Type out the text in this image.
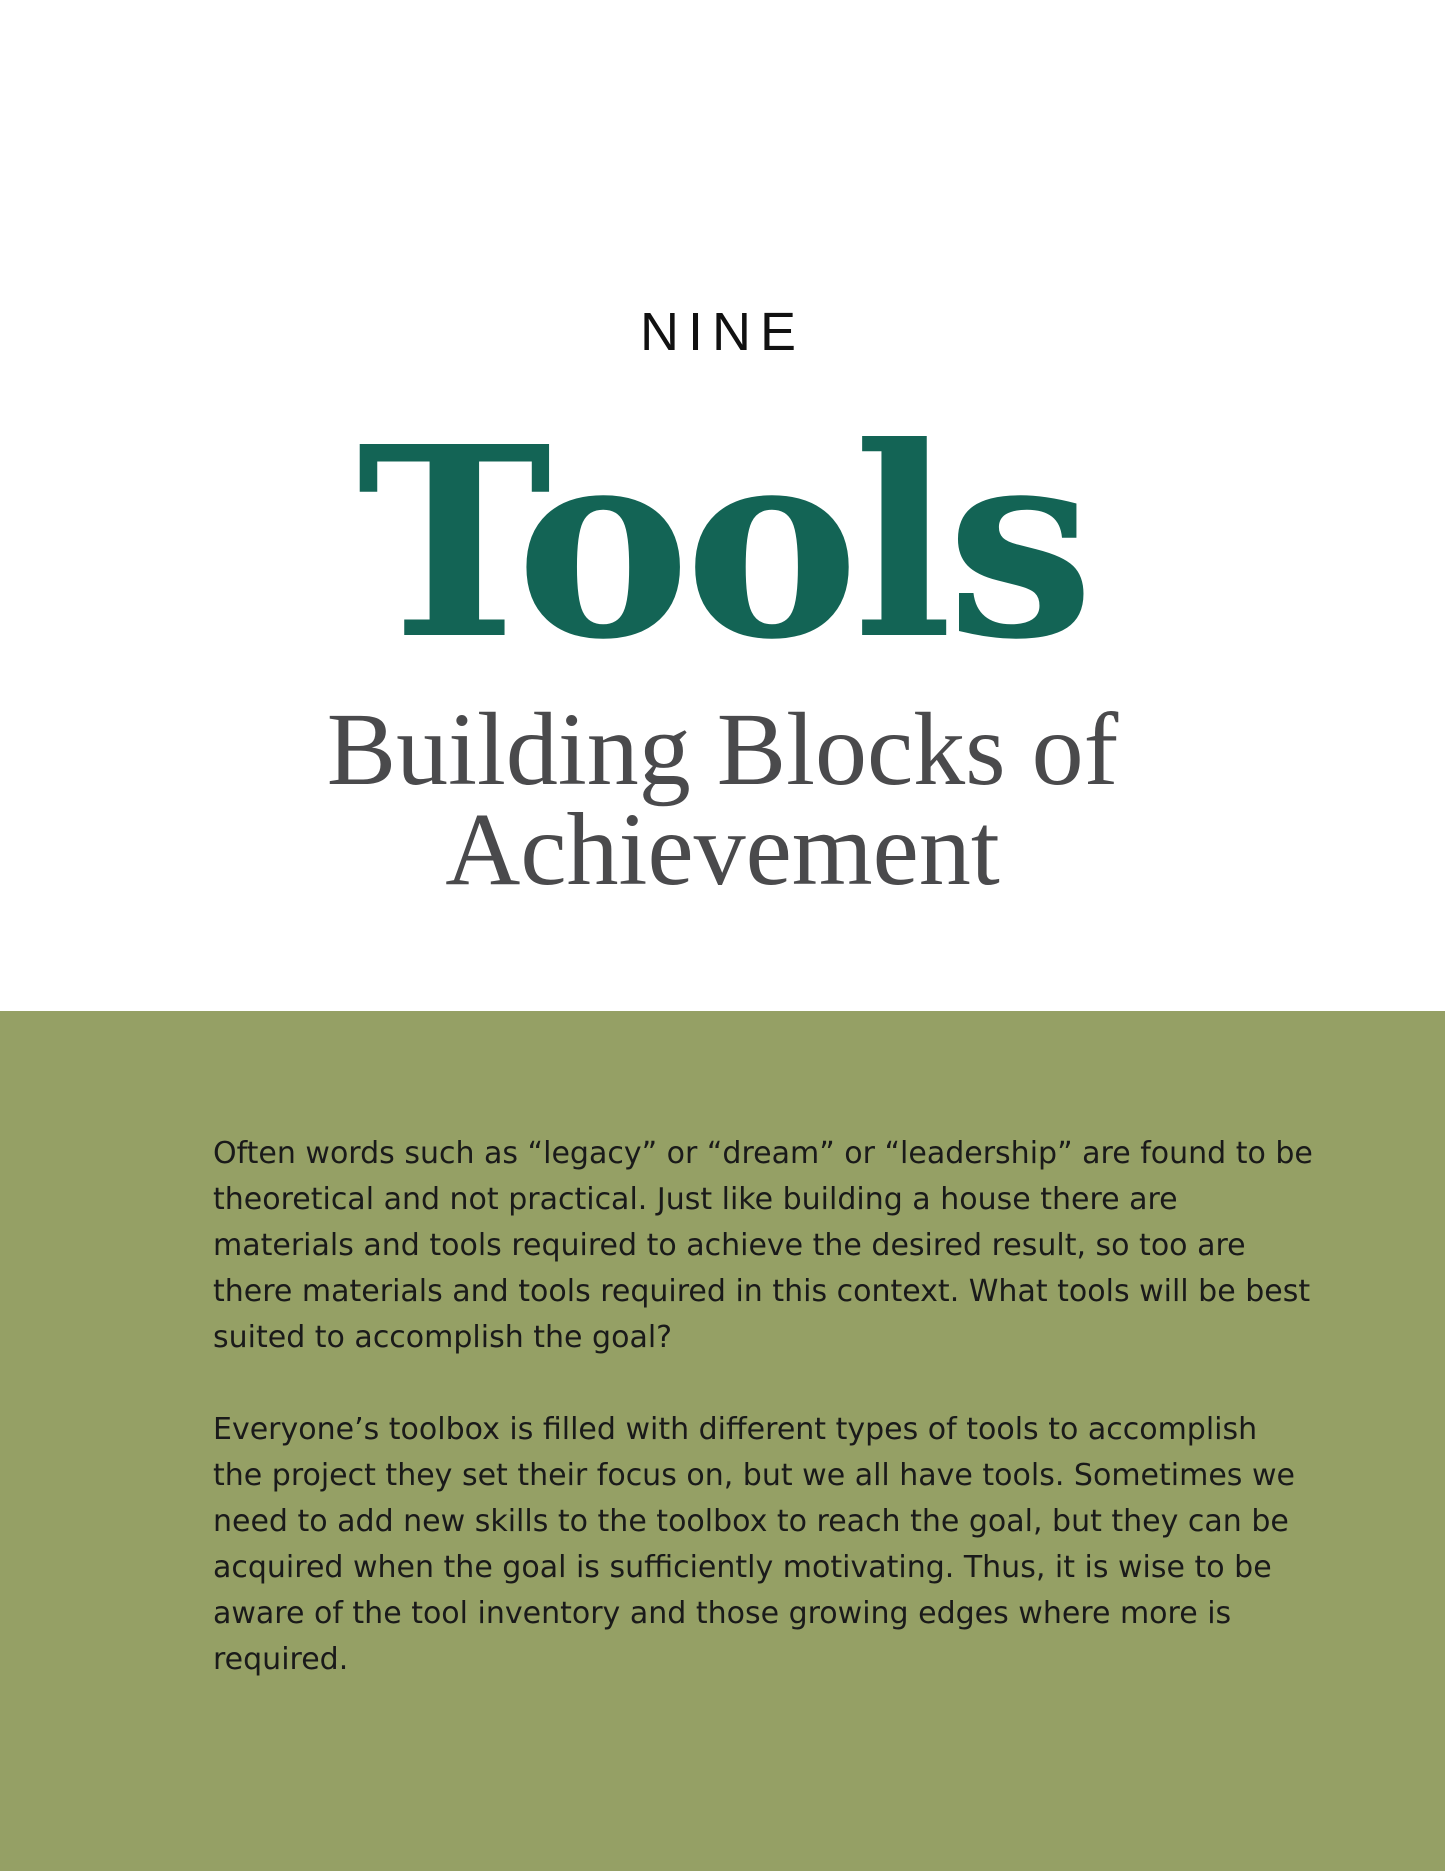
NINE
Tools
Building Blocks of Achievement

Often words such as “legacy” or “dream” or “leadership” are found to be theoretical and not practical. Just like building a house there are materials and tools required to achieve the desired result, so too are there materials and tools required in this context. What tools will be best suited to accomplish the goal?

Everyone’s toolbox is filled with different types of tools to accomplish the project they set their focus on, but we all have tools. Sometimes we need to add new skills to the toolbox to reach the goal, but they can be acquired when the goal is sufficiently motivating. Thus, it is wise to be aware of the tool inventory and those growing edges where more is required.
